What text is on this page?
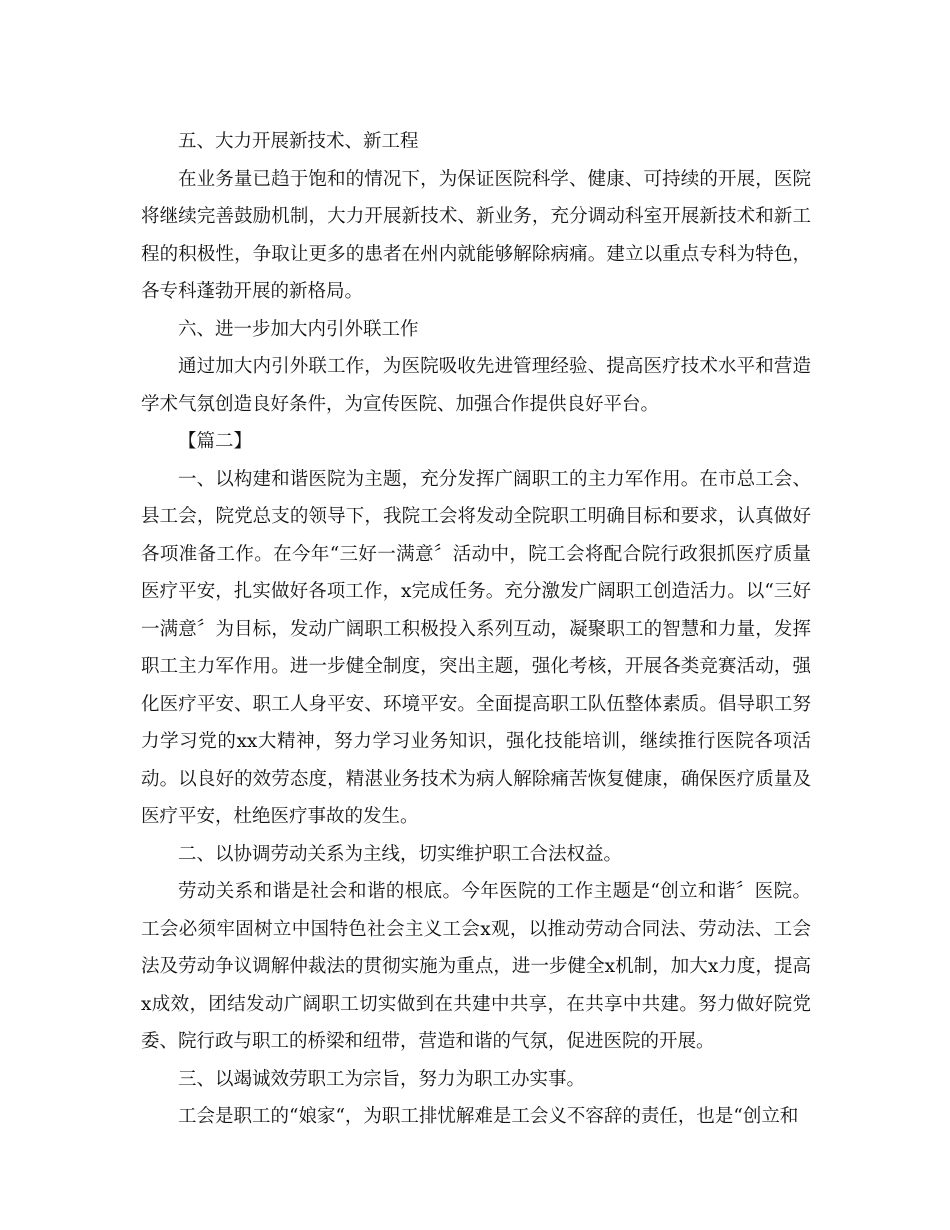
五、大力开展新技术、新工程

在业务量已趋于饱和的情况下，为保证医院科学、健康、可持续的开展，医院将继续完善鼓励机制，大力开展新技术、新业务，充分调动科室开展新技术和新工程的积极性，争取让更多的患者在州内就能够解除病痛。建立以重点专科为特色，各专科蓬勃开展的新格局。

六、进一步加大内引外联工作

通过加大内引外联工作，为医院吸收先进管理经验、提高医疗技术水平和营造学术气氛创造良好条件，为宣传医院、加强合作提供良好平台。

【篇二】

一、以构建和谐医院为主题，充分发挥广阔职工的主力军作用。在市总工会、县工会，院党总支的领导下，我院工会将发动全院职工明确目标和要求，认真做好各项准备工作。在今年“三好一满意〞活动中，院工会将配合院行政狠抓医疗质量医疗平安，扎实做好各项工作，x完成任务。充分激发广阔职工创造活力。以“三好一满意〞为目标，发动广阔职工积极投入系列互动，凝聚职工的智慧和力量，发挥职工主力军作用。进一步健全制度，突出主题，强化考核，开展各类竞赛活动，强化医疗平安、职工人身平安、环境平安。全面提高职工队伍整体素质。倡导职工努力学习党的xx大精神，努力学习业务知识，强化技能培训，继续推行医院各项活动。以良好的效劳态度，精湛业务技术为病人解除痛苦恢复健康，确保医疗质量及医疗平安，杜绝医疗事故的发生。

二、以协调劳动关系为主线，切实维护职工合法权益。

劳动关系和谐是社会和谐的根底。今年医院的工作主题是“创立和谐〞医院。工会必须牢固树立中国特色社会主义工会x观，以推动劳动合同法、劳动法、工会法及劳动争议调解仲裁法的贯彻实施为重点，进一步健全x机制，加大x力度，提高x成效，团结发动广阔职工切实做到在共建中共享，在共享中共建。努力做好院党委、院行政与职工的桥梁和纽带，营造和谐的气氛，促进医院的开展。

三、以竭诚效劳职工为宗旨，努力为职工办实事。

工会是职工的“娘家“，为职工排忧解难是工会义不容辞的责任，也是“创立和
